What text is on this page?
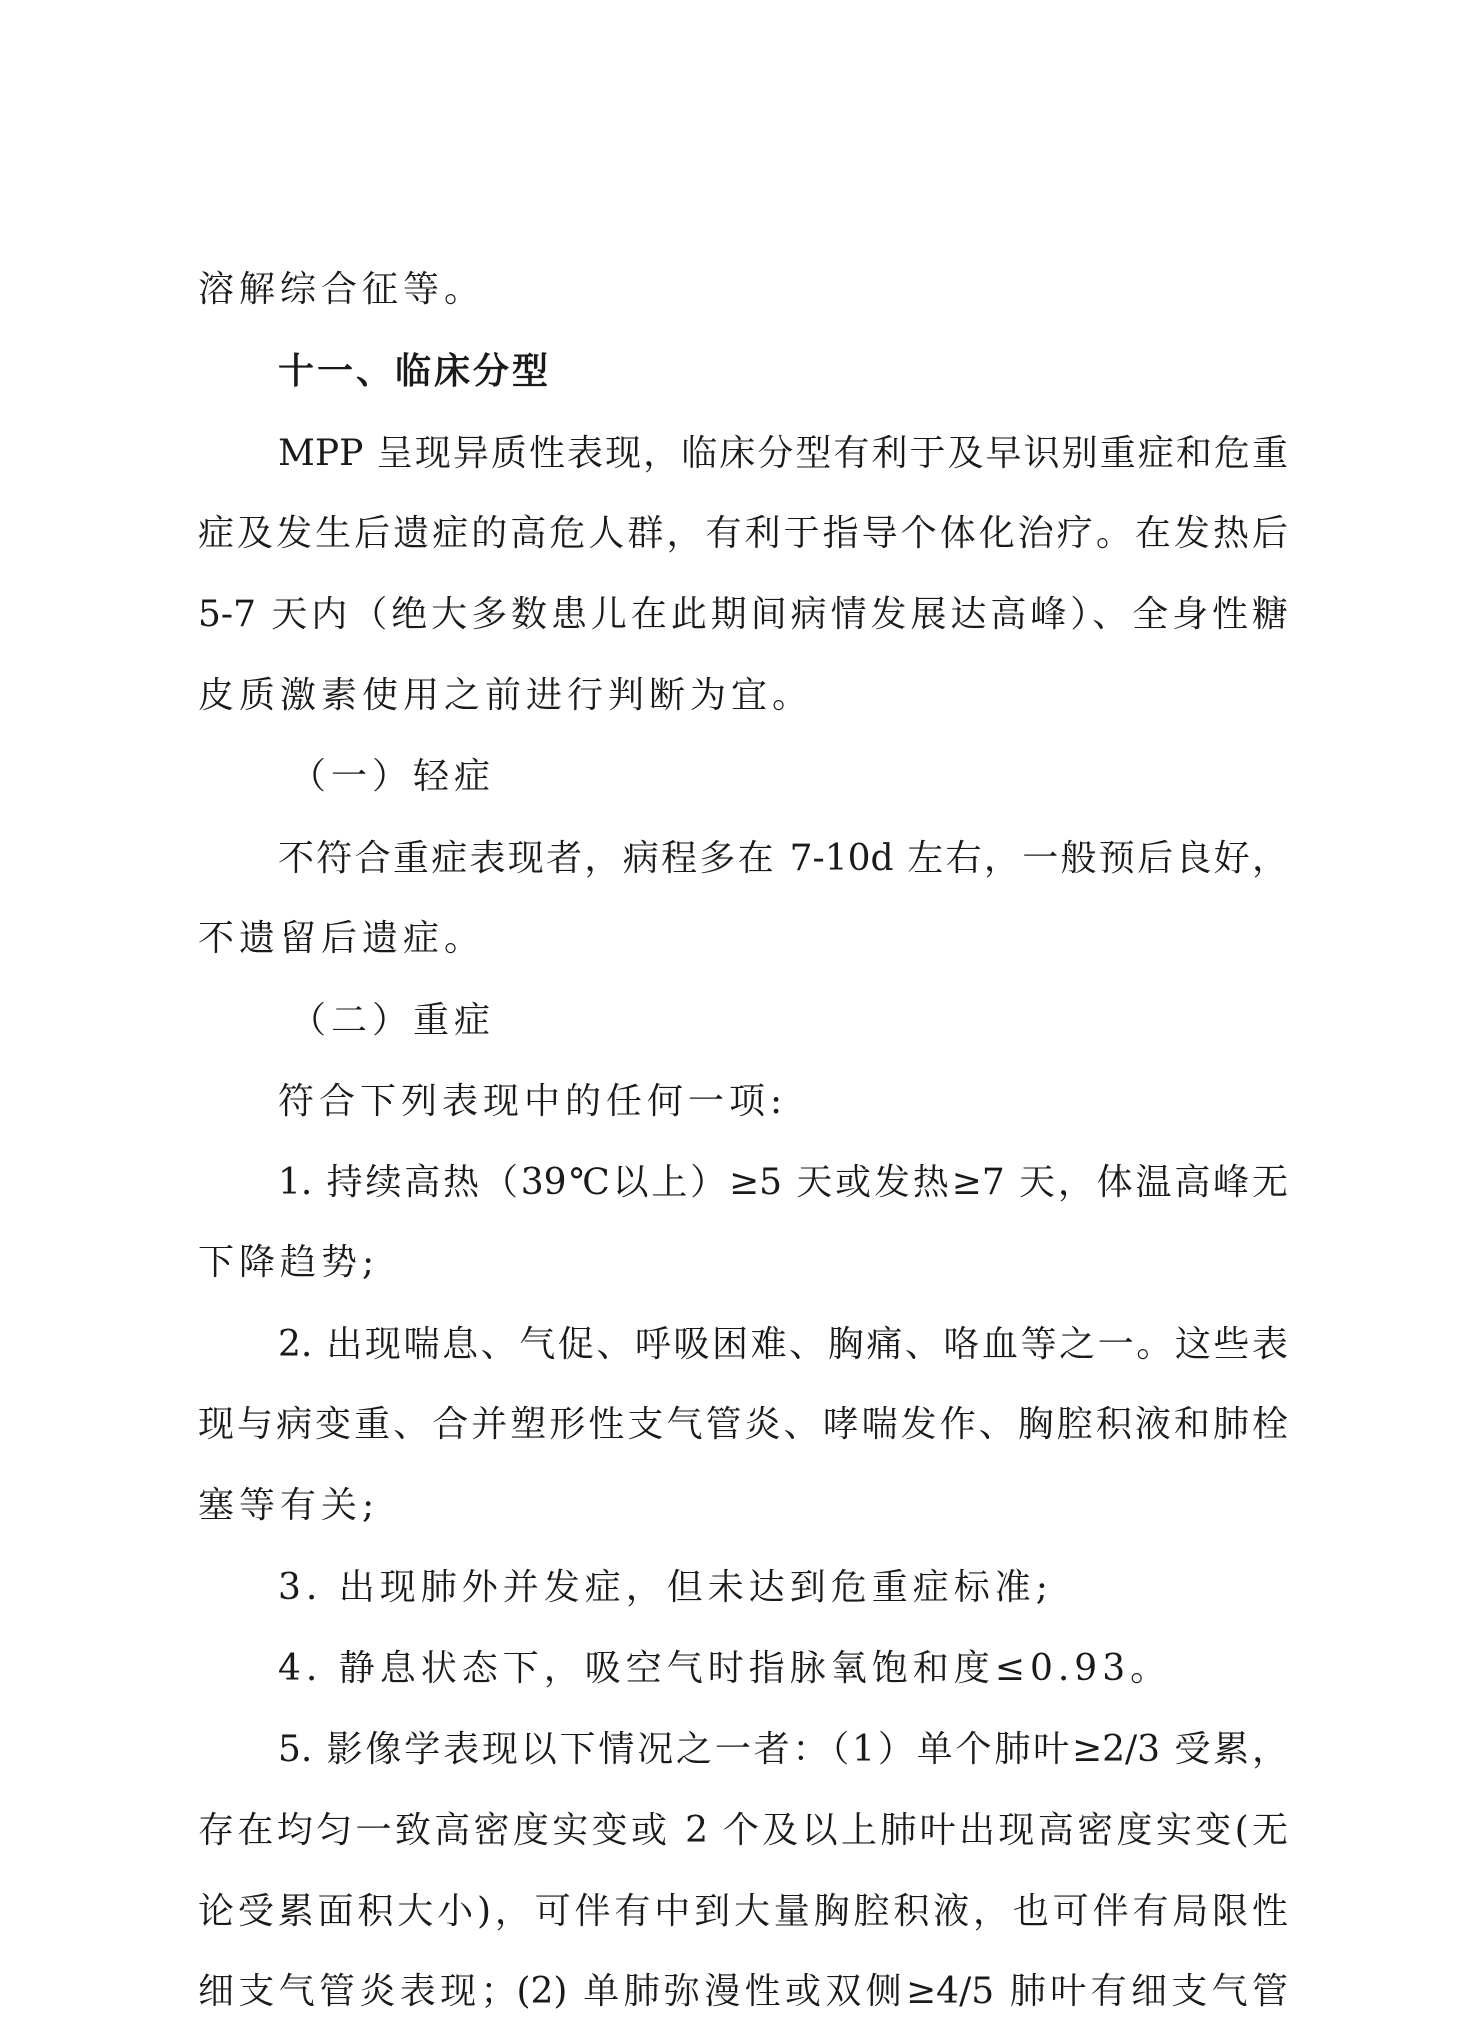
溶解综合征等。
十一、临床分型
MPP 呈现异质性表现，临床分型有利于及早识别重症和危重
症及发生后遗症的高危人群，有利于指导个体化治疗。在发热后
5-7 天内（绝大多数患儿在此期间病情发展达高峰）、全身性糖
皮质激素使用之前进行判断为宜。
（一）轻症
不符合重症表现者，病程多在 7-10d 左右，一般预后良好，
不遗留后遗症。
（二）重症
符合下列表现中的任何一项:
1. 持续高热（39℃以上）≥5 天或发热≥7 天，体温高峰无
下降趋势;
2. 出现喘息、气促、呼吸困难、胸痛、咯血等之一。这些表
现与病变重、合并塑形性支气管炎、哮喘发作、胸腔积液和肺栓
塞等有关;
3. 出现肺外并发症，但未达到危重症标准;
4. 静息状态下，吸空气时指脉氧饱和度≤0.93。
5. 影像学表现以下情况之一者：（1）单个肺叶≥2/3 受累，
存在均匀一致高密度实变或 2 个及以上肺叶出现高密度实变(无
论受累面积大小)，可伴有中到大量胸腔积液，也可伴有局限性
细支气管炎表现；(2) 单肺弥漫性或双侧≥4/5 肺叶有细支气管
